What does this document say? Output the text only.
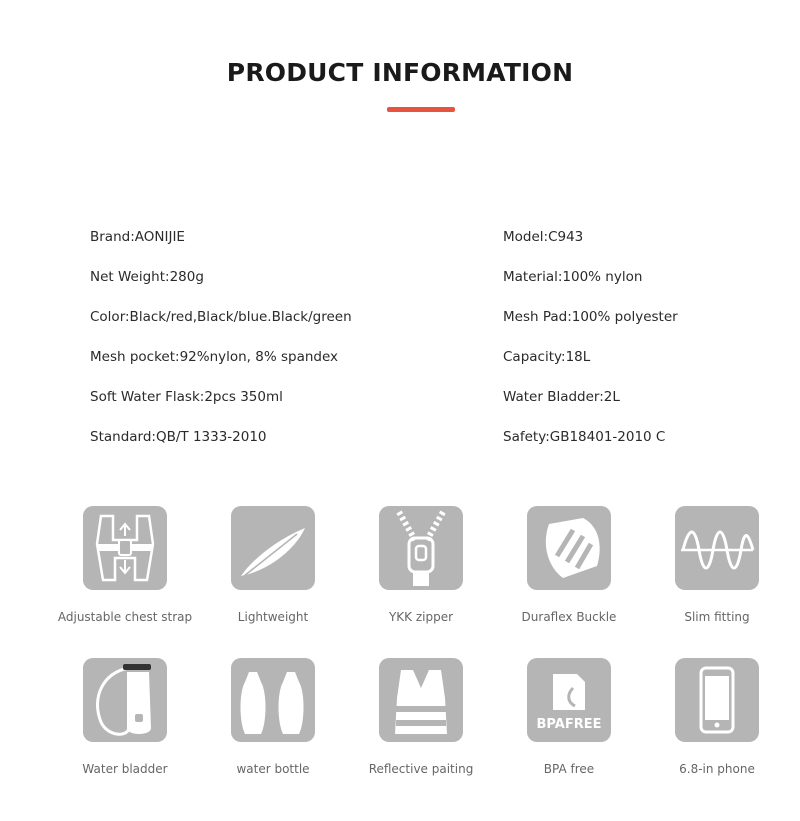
PRODUCT INFORMATION
Brand:AONIJIE
Net Weight:280g
Color:Black/red,Black/blue.Black/green
Mesh pocket:92%nylon, 8% spandex
Soft Water Flask:2pcs 350ml
Standard:QB/T 1333-2010
Model:C943
Material:100% nylon
Mesh Pad:100% polyester
Capacity:18L
Water Bladder:2L
Safety:GB18401-2010 C
Adjustable chest strap	Lightweight	YKK zipper	Duraflex Buckle	Slim fitting
BPAFREE
Water bladder	water bottle	Reflective paiting	BPA free	6.8-in phone
